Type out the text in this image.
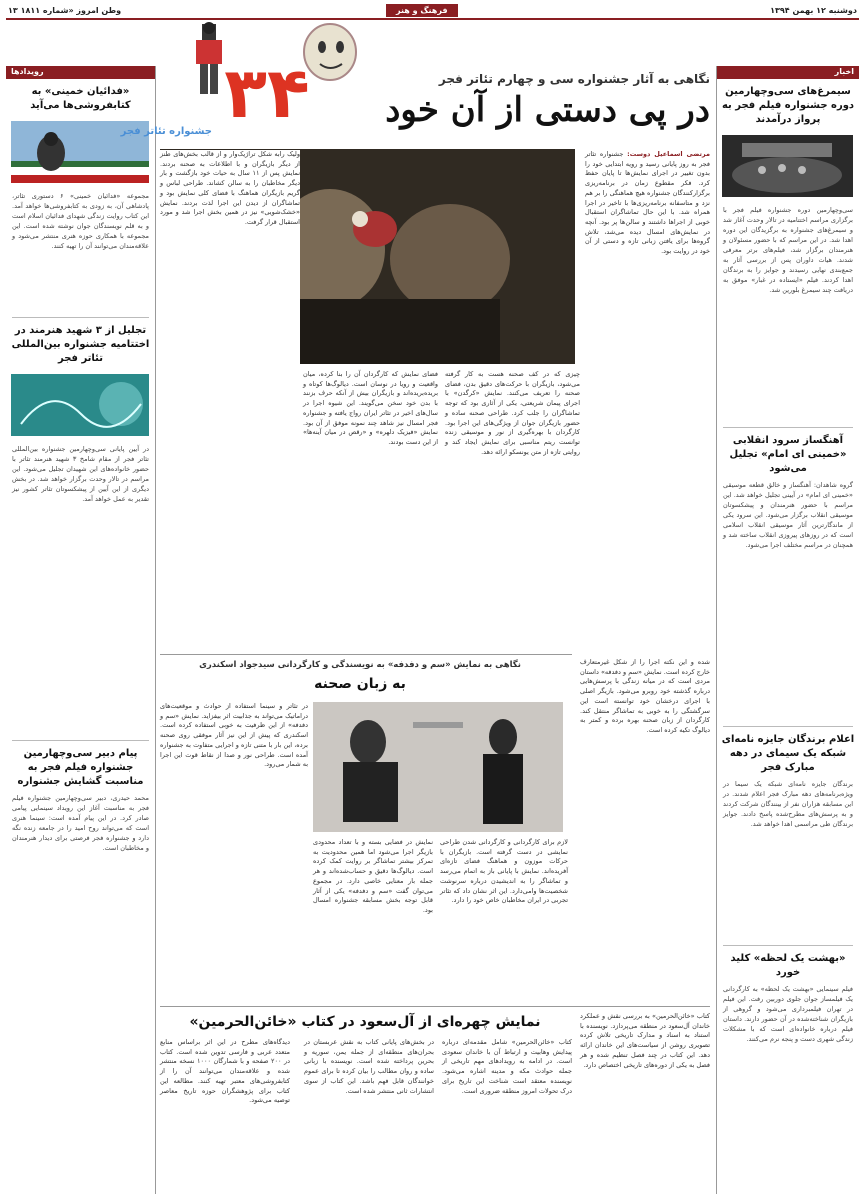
دوشنبه ۱۲ بهمن ۱۳۹۴
فرهنگ و هنر
وطن امروز «شماره ۱۸۱۱ ۱۳
اخبار
سیمرغ‌های سی‌و‌چهارمین دوره جشنواره فیلم فجر به پرواز درآمدند
سی‌وچهارمین دوره جشنواره فیلم فجر با برگزاری مراسم اختتامیه در تالار وحدت آغاز شد و سیمرغ‌های جشنواره به برگزیدگان این دوره اهدا شد. در این مراسم که با حضور مسئولان و هنرمندان برگزار شد، فیلم‌های برتر معرفی شدند. هیات داوران پس از بررسی آثار به جمع‌بندی نهایی رسیدند و جوایز را به برندگان اهدا کردند. فیلم «ایستاده در غبار» موفق به دریافت چند سیمرغ بلورین شد.
آهنگساز سرود انقلابی «خمینی ای امام» تجلیل می‌شود
گروه شاهدان: آهنگساز و خالق قطعه موسیقی «خمینی ای امام» در آیینی تجلیل خواهد شد. این مراسم با حضور هنرمندان و پیشکسوتان موسیقی انقلاب برگزار می‌شود. این سرود یکی از ماندگارترین آثار موسیقی انقلاب اسلامی است که در روزهای پیروزی انقلاب ساخته شد و همچنان در مراسم مختلف اجرا می‌شود.
اعلام برندگان جایزه نامه‌ای شبکه یک سیمای در دهه مبارک فجر
برندگان جایزه نامه‌ای شبکه یک سیما در ویژه‌برنامه‌های دهه مبارک فجر اعلام شدند. در این مسابقه هزاران نفر از بینندگان شرکت کردند و به پرسش‌های مطرح‌شده پاسخ دادند. جوایز برندگان طی مراسمی اهدا خواهد شد.
«بهشت یک لحظه» کلید خورد
فیلم سینمایی «بهشت یک لحظه» به کارگردانی یک فیلمساز جوان جلوی دوربین رفت. این فیلم در تهران فیلمبرداری می‌شود و گروهی از بازیگران شناخته‌شده در آن حضور دارند. داستان فیلم درباره خانواده‌ای است که با مشکلات زندگی شهری دست و پنجه نرم می‌کنند.
رویدادها
«فدائیان خمینی» به کتابفروشی‌ها می‌آید
مجموعه «فدائیان خمینی» ۶ دستوری تئاتر، پادشاهی آن، به زودی به کتابفروشی‌ها خواهد آمد. این کتاب روایت زندگی شهدای فدائیان اسلام است و به قلم نویسندگان جوان نوشته شده است. این مجموعه با همکاری حوزه هنری منتشر می‌شود و علاقه‌مندان می‌توانند آن را تهیه کنند.
تجلیل از ۳ شهید هنرمند در اختتامیه جشنواره بین‌المللی تئاتر فجر
در آیین پایانی سی‌وچهارمین جشنواره بین‌المللی تئاتر فجر از مقام شامخ ۳ شهید هنرمند تئاتر با حضور خانواده‌های این شهیدان تجلیل می‌شود. این مراسم در تالار وحدت برگزار خواهد شد. در بخش دیگری از این آیین از پیشکسوتان تئاتر کشور نیز تقدیر به عمل خواهد آمد.
پیام دبیر سی‌وچهارمین جشنواره فیلم فجر به مناسبت گشایش جشنواره
محمد حیدری، دبیر سی‌وچهارمین جشنواره فیلم فجر به مناسبت آغاز این رویداد سینمایی پیامی صادر کرد. در این پیام آمده است: سینما هنری است که می‌تواند روح امید را در جامعه زنده نگه دارد و جشنواره فجر فرصتی برای دیدار هنرمندان و مخاطبان است.
۳۴
جشنواره تئاتر فجر
نگاهی به آثار جشنواره سی و چهارم تئاتر فجر
در پی دستی از آن خود
مرتضی اسماعیل دوست: جشنواره تئاتر فجر به روز پایانی رسید و رویه ابتدایی خود را بدون تغییر در اجرای نمایش‌ها تا پایان حفظ کرد. فکر مقطوع زمان در برنامه‌ریزی برگزارکنندگان جشنواره هیچ هماهنگی را بر هم نزد و متاسفانه برنامه‌ریزی‌ها با تاخیر در اجرا همراه شد. با این حال تماشاگران استقبال خوبی از اجراها داشتند و سالن‌ها پر بود. آنچه در نمایش‌های امسال دیده می‌شد، تلاش گروه‌ها برای یافتن زبانی تازه و دستی از آن خود در روایت بود.
چیزی که در کف صحنه هست به کار گرفته می‌شود، بازیگران با حرکت‌های دقیق بدن، فضای صحنه را تعریف می‌کنند. نمایش «کرگدن» با اجرای پیمان شریعتی، یکی از آثاری بود که توجه تماشاگران را جلب کرد. طراحی صحنه ساده و حضور بازیگران جوان از ویژگی‌های این اجرا بود. کارگردان با بهره‌گیری از نور و موسیقی زنده توانست ریتم مناسبی برای نمایش ایجاد کند و روایتی تازه از متن یونسکو ارائه دهد.
فضای نمایش که کارگردان آن را بنا کرده، میان واقعیت و رویا در نوسان است. دیالوگ‌ها کوتاه و بریده‌بریده‌اند و بازیگران بیش از آنکه حرف بزنند با بدن خود سخن می‌گویند. این شیوه اجرا در سال‌های اخیر در تئاتر ایران رواج یافته و جشنواره فجر امسال نیز شاهد چند نمونه موفق از آن بود. نمایش «فیزیک دلهره» و «رقص در میان آینه‌ها» از این دست بودند.
ولیک رابه شکل تراژیک‌وار و از قالب بخش‌های طنز از دیگر بازیگران و با اطلاعات به صحنه بردند. نمایش پس از ۱۱ سال به حیات خود بازگشت و بار دیگر مخاطبان را به سالن کشاند. طراحی لباس و گریم بازیگران هماهنگ با فضای کلی نمایش بود و تماشاگران از دیدن این اجرا لذت بردند. نمایش «خشک‌شویی» نیز در همین بخش اجرا شد و مورد استقبال قرار گرفت.
نگاهی به نمایش «سم و دفدفه» به نویسندگی و کارگردانی سیدجواد اسکندری
به زبان صحنه
شده و این نکته اجرا را از شکل غیرمتعارف خارج کرده است. نمایش «سم و دفدفه» داستان مردی است که در میانه زندگی با پرسش‌هایی درباره گذشته خود روبرو می‌شود. بازیگر اصلی با اجرای درخشان خود توانسته است این سرگشتگی را به خوبی به تماشاگر منتقل کند. کارگردان از زبان صحنه بهره برده و کمتر به دیالوگ تکیه کرده است.
در تئاتر و سینما استفاده از حوادث و موقعیت‌های دراماتیک می‌تواند به جذابیت اثر بیفزاید. نمایش «سم و دفدفه» از این ظرفیت به خوبی استفاده کرده است. اسکندری که پیش از این نیز آثار موفقی روی صحنه برده، این بار با متنی تازه و اجرایی متفاوت به جشنواره آمده است. طراحی نور و صدا از نقاط قوت این اجرا به شمار می‌رود.
نمایش در فضایی بسته و با تعداد محدودی بازیگر اجرا می‌شود اما همین محدودیت به تمرکز بیشتر تماشاگر بر روایت کمک کرده است. دیالوگ‌ها دقیق و حساب‌شده‌اند و هر جمله بار معنایی خاصی دارد. در مجموع می‌توان گفت «سم و دفدفه» یکی از آثار قابل توجه بخش مسابقه جشنواره امسال بود.
لازم برای کارگردانی و کارگردانی شدن طراحی نمایشی در دست گرفته است. بازیگران با حرکات موزون و هماهنگ فضای تازه‌ای آفریده‌اند. نمایش با پایانی باز به اتمام می‌رسد و تماشاگر را به اندیشیدن درباره سرنوشت شخصیت‌ها وامی‌دارد. این اثر نشان داد که تئاتر تجربی در ایران مخاطبان خاص خود را دارد.
نمایش چهره‌ای از آل‌سعود در کتاب «خائن‌الحرمین»	کتاب «خائن‌الحرمین» به بررسی نقش و عملکرد خاندان آل‌سعود در منطقه می‌پردازد. نویسنده با استناد به اسناد و مدارک تاریخی تلاش کرده تصویری روشن از سیاست‌های این خاندان ارائه دهد. این کتاب در چند فصل تنظیم شده و هر فصل به یکی از دوره‌های تاریخی اختصاص دارد.
کتاب «خائن‌الحرمین» شامل مقدمه‌ای درباره پیدایش وهابیت و ارتباط آن با خاندان سعودی است. در ادامه به رویدادهای مهم تاریخی از جمله حوادث مکه و مدینه اشاره می‌شود. نویسنده معتقد است شناخت این تاریخ برای درک تحولات امروز منطقه ضروری است.
در بخش‌های پایانی کتاب به نقش عربستان در بحران‌های منطقه‌ای از جمله یمن، سوریه و بحرین پرداخته شده است. نویسنده با زبانی ساده و روان مطالب را بیان کرده تا برای عموم خوانندگان قابل فهم باشد. این کتاب از سوی انتشارات ثانی منتشر شده است.
دیدگاه‌های مطرح در این اثر براساس منابع متعدد عربی و فارسی تدوین شده است. کتاب در ۲۰۰ صفحه و با شمارگان ۱۰۰۰ نسخه منتشر شده و علاقه‌مندان می‌توانند آن را از کتابفروشی‌های معتبر تهیه کنند. مطالعه این کتاب برای پژوهشگران حوزه تاریخ معاصر توصیه می‌شود.
